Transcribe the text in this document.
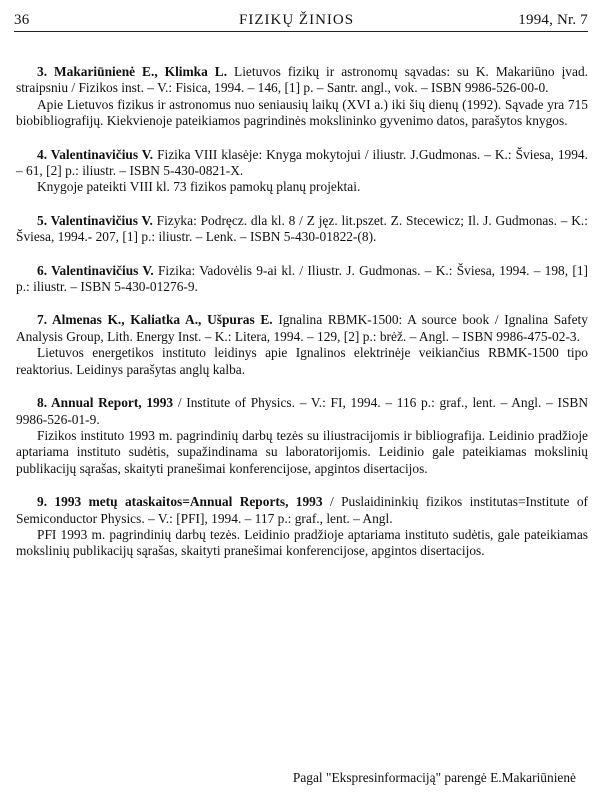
36	FIZIKŲ ŽINIOS	1994, Nr. 7

3. Makariūnienė E., Klimka L. Lietuvos fizikų ir astronomų sąvadas: su K. Makariūno įvad. straipsniu / Fizikos inst. – V.: Fisica, 1994. – 146, [1] p. – Santr. angl., vok. – ISBN 9986-526-00-0.

Apie Lietuvos fizikus ir astronomus nuo seniausių laikų (XVI a.) iki šių dienų (1992). Sąvade yra 715 biobibliografijų. Kiekvienoje pateikiamos pagrindinės mokslininko gyvenimo datos, parašytos knygos.

4. Valentinavičius V. Fizika VIII klasėje: Knyga mokytojui / iliustr. J.Gudmonas. – K.: Šviesa, 1994. – 61, [2] p.: iliustr. – ISBN 5-430-0821-X.

Knygoje pateikti VIII kl. 73 fizikos pamokų planų projektai.

5. Valentinavičius V. Fizyka: Podręcz. dla kl. 8 / Z jęz. lit.pszet. Z. Stecewicz; Il. J. Gudmonas. – K.: Šviesa, 1994.- 207, [1] p.: iliustr. – Lenk. – ISBN 5-430-01822-(8).

6. Valentinavičius V. Fizika: Vadovėlis 9-ai kl. / Iliustr. J. Gudmonas. – K.: Šviesa, 1994. – 198, [1] p.: iliustr. – ISBN 5-430-01276-9.

7. Almenas K., Kaliatka A., Ušpuras E. Ignalina RBMK-1500: A source book / Ignalina Safety Analysis Group, Lith. Energy Inst. – K.: Litera, 1994. – 129, [2] p.: brėž. – Angl. – ISBN 9986-475-02-3.

Lietuvos energetikos instituto leidinys apie Ignalinos elektrinėje veikiančius RBMK-1500 tipo reaktorius. Leidinys parašytas anglų kalba.

8. Annual Report, 1993 / Institute of Physics. – V.: FI, 1994. – 116 p.: graf., lent. – Angl. – ISBN 9986-526-01-9.

Fizikos instituto 1993 m. pagrindinių darbų tezės su iliustracijomis ir bibliografija. Leidinio pradžioje aptariama instituto sudėtis, supažindinama su laboratorijomis. Leidinio gale pateikiamas mokslinių publikacijų sąrašas, skaityti pranešimai konferencijose, apgintos disertacijos.

9. 1993 metų ataskaitos=Annual Reports, 1993 / Puslaidininkių fizikos institutas=Institute of Semiconductor Physics. – V.: [PFI], 1994. – 117 p.: graf., lent. – Angl.

PFI 1993 m. pagrindinių darbų tezės. Leidinio pradžioje aptariama instituto sudėtis, gale pateikiamas mokslinių publikacijų sąrašas, skaityti pranešimai konferencijose, apgintos disertacijos.

Pagal "Ekspresinformaciją" parengė E.Makariūnienė
